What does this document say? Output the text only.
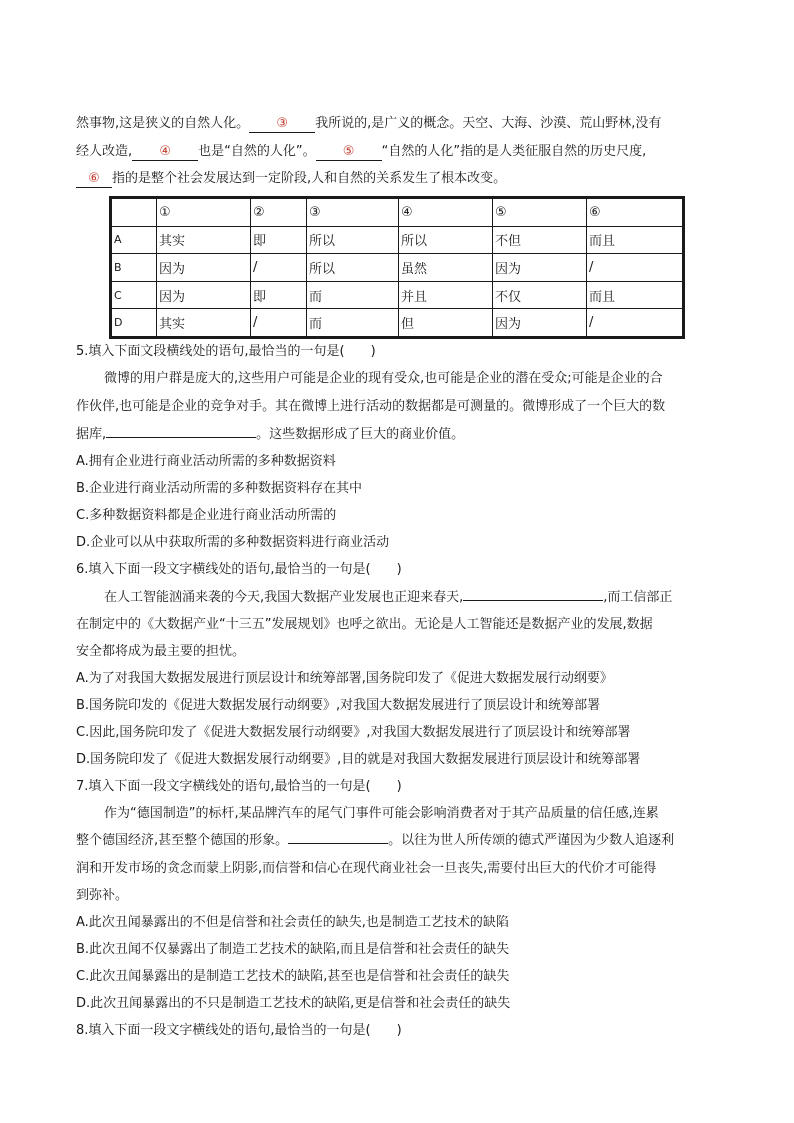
然事物,这是狭义的自然人化。 ③ 我所说的,是广义的概念。天空、大海、沙漠、荒山野林,没有
经人改造, ④ 也是“自然的人化”。 ⑤ “自然的人化”指的是人类征服自然的历史尺度,
⑥ 指的是整个社会发展达到一定阶段,人和自然的关系发生了根本改变。
	①	②	③	④	⑤	⑥
A	其实	即	所以	所以	不但	而且
B	因为	/	所以	虽然	因为	/
C	因为	即	而	并且	不仅	而且
D	其实	/	而	但	因为	/
5.填入下面文段横线处的语句,最恰当的一句是(　　)
微博的用户群是庞大的,这些用户可能是企业的现有受众,也可能是企业的潜在受众;可能是企业的合
作伙伴,也可能是企业的竞争对手。其在微博上进行活动的数据都是可测量的。微博形成了一个巨大的数
据库,	。这些数据形成了巨大的商业价值。
A.拥有企业进行商业活动所需的多种数据资料
B.企业进行商业活动所需的多种数据资料存在其中
C.多种数据资料都是企业进行商业活动所需的
D.企业可以从中获取所需的多种数据资料进行商业活动
6.填入下面一段文字横线处的语句,最恰当的一句是(　　)
在人工智能汹涌来袭的今天,我国大数据产业发展也正迎来春天,	,而工信部正
在制定中的《大数据产业“十三五”发展规划》也呼之欲出。无论是人工智能还是数据产业的发展,数据
安全都将成为最主要的担忧。
A.为了对我国大数据发展进行顶层设计和统筹部署,国务院印发了《促进大数据发展行动纲要》
B.国务院印发的《促进大数据发展行动纲要》,对我国大数据发展进行了顶层设计和统筹部署
C.因此,国务院印发了《促进大数据发展行动纲要》,对我国大数据发展进行了顶层设计和统筹部署
D.国务院印发了《促进大数据发展行动纲要》,目的就是对我国大数据发展进行顶层设计和统筹部署
7.填入下面一段文字横线处的语句,最恰当的一句是(　　)
作为“德国制造”的标杆,某品牌汽车的尾气门事件可能会影响消费者对于其产品质量的信任感,连累
整个德国经济,甚至整个德国的形象。	。以往为世人所传颂的德式严谨因为少数人追逐利
润和开发市场的贪念而蒙上阴影,而信誉和信心在现代商业社会一旦丧失,需要付出巨大的代价才可能得
到弥补。
A.此次丑闻暴露出的不但是信誉和社会责任的缺失,也是制造工艺技术的缺陷
B.此次丑闻不仅暴露出了制造工艺技术的缺陷,而且是信誉和社会责任的缺失
C.此次丑闻暴露出的是制造工艺技术的缺陷,甚至也是信誉和社会责任的缺失
D.此次丑闻暴露出的不只是制造工艺技术的缺陷,更是信誉和社会责任的缺失
8.填入下面一段文字横线处的语句,最恰当的一句是(　　)
